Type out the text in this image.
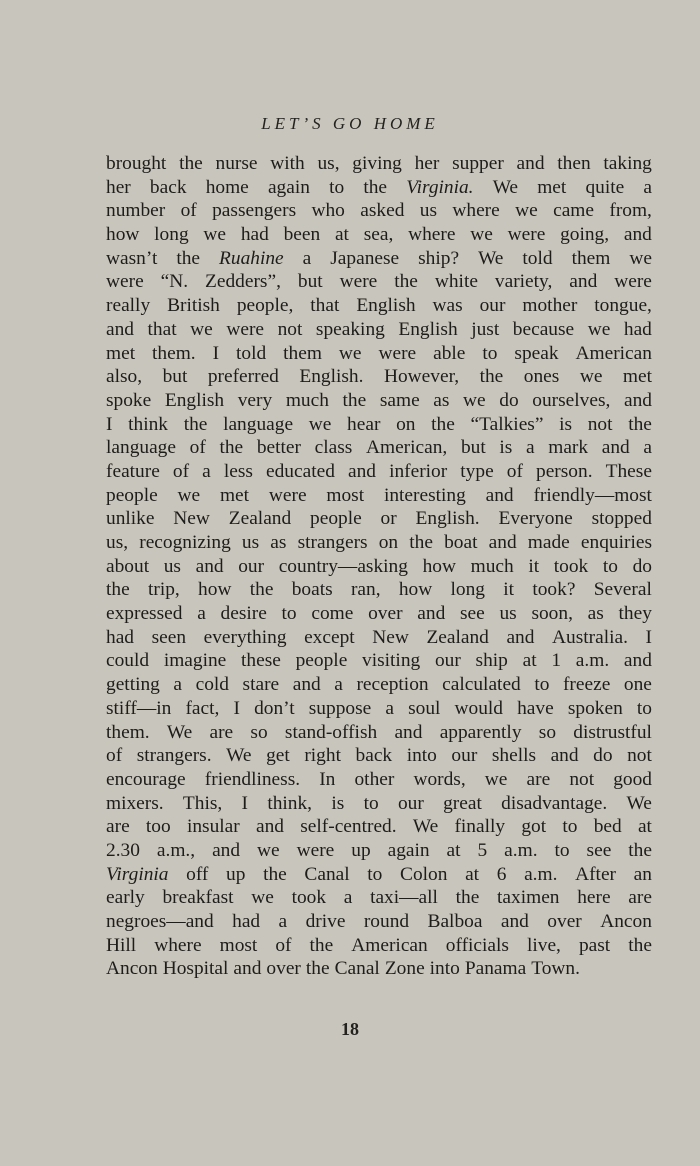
LET’S GO HOME
brought the nurse with us, giving her supper and then taking
her back home again to the Virginia. We met quite a
number of passengers who asked us where we came from,
how long we had been at sea, where we were going, and
wasn’t the Ruahine a Japanese ship? We told them we
were “N. Zedders”, but were the white variety, and were
really British people, that English was our mother tongue,
and that we were not speaking English just because we had
met them. I told them we were able to speak American
also, but preferred English. However, the ones we met
spoke English very much the same as we do ourselves, and
I think the language we hear on the “Talkies” is not the
language of the better class American, but is a mark and a
feature of a less educated and inferior type of person. These
people we met were most interesting and friendly—most
unlike New Zealand people or English. Everyone stopped
us, recognizing us as strangers on the boat and made enquiries
about us and our country—asking how much it took to do
the trip, how the boats ran, how long it took? Several
expressed a desire to come over and see us soon, as they
had seen everything except New Zealand and Australia. I
could imagine these people visiting our ship at 1 a.m. and
getting a cold stare and a reception calculated to freeze one
stiff—in fact, I don’t suppose a soul would have spoken to
them. We are so stand-offish and apparently so distrustful
of strangers. We get right back into our shells and do not
encourage friendliness. In other words, we are not good
mixers. This, I think, is to our great disadvantage. We
are too insular and self-centred. We finally got to bed at
2.30 a.m., and we were up again at 5 a.m. to see the
Virginia off up the Canal to Colon at 6 a.m. After an
early breakfast we took a taxi—all the taximen here are
negroes—and had a drive round Balboa and over Ancon
Hill where most of the American officials live, past the
Ancon Hospital and over the Canal Zone into Panama Town.
18
